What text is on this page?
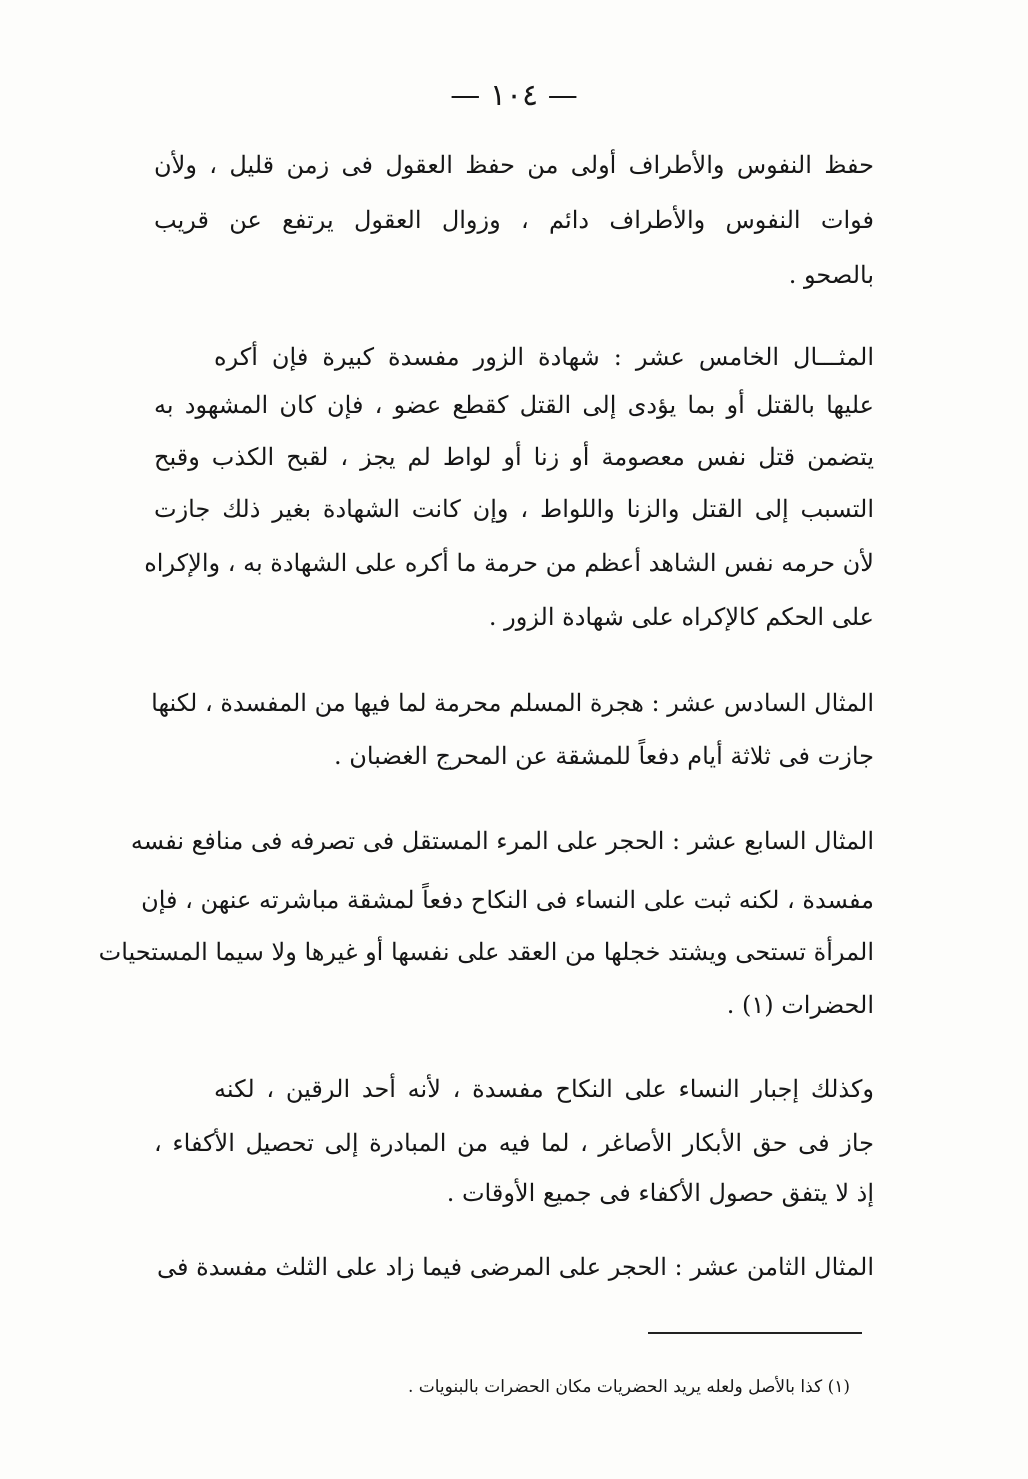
— ١٠٤ —
حفظ النفوس والأطراف أولى من حفظ العقول فى زمن قليل ، ولأن
فوات النفوس والأطراف دائم ، وزوال العقول يرتفع عن قريب
بالصحو .
المثـــال الخامس عشر : شهادة الزور مفسدة كبيرة فإن أكره
عليها بالقتل أو بما يؤدى إلى القتل كقطع عضو ، فإن كان المشهود به
يتضمن قتل نفس معصومة أو زنا أو لواط لم يجز ، لقبح الكذب وقبح
التسبب إلى القتل والزنا واللواط ، وإن كانت الشهادة بغير ذلك جازت
لأن حرمه نفس الشاهد أعظم من حرمة ما أكره على الشهادة به ، والإكراه
على الحكم كالإكراه على شهادة الزور .
المثال السادس عشر : هجرة المسلم محرمة لما فيها من المفسدة ، لكنها
جازت فى ثلاثة أيام دفعاً للمشقة عن المحرج الغضبان .
المثال السابع عشر : الحجر على المرء المستقل فى تصرفه فى منافع نفسه
مفسدة ، لكنه ثبت على النساء فى النكاح دفعاً لمشقة مباشرته عنهن ، فإن
المرأة تستحى ويشتد خجلها من العقد على نفسها أو غيرها ولا سيما المستحيات
الحضرات (١) .
وكذلك إجبار النساء على النكاح مفسدة ، لأنه أحد الرقين ، لكنه
جاز فى حق الأبكار الأصاغر ، لما فيه من المبادرة إلى تحصيل الأكفاء ،
إذ لا يتفق حصول الأكفاء فى جميع الأوقات .
المثال الثامن عشر : الحجر على المرضى فيما زاد على الثلث مفسدة فى
(١) كذا بالأصل ولعله يريد الحضريات مكان الحضرات بالبنويات .
